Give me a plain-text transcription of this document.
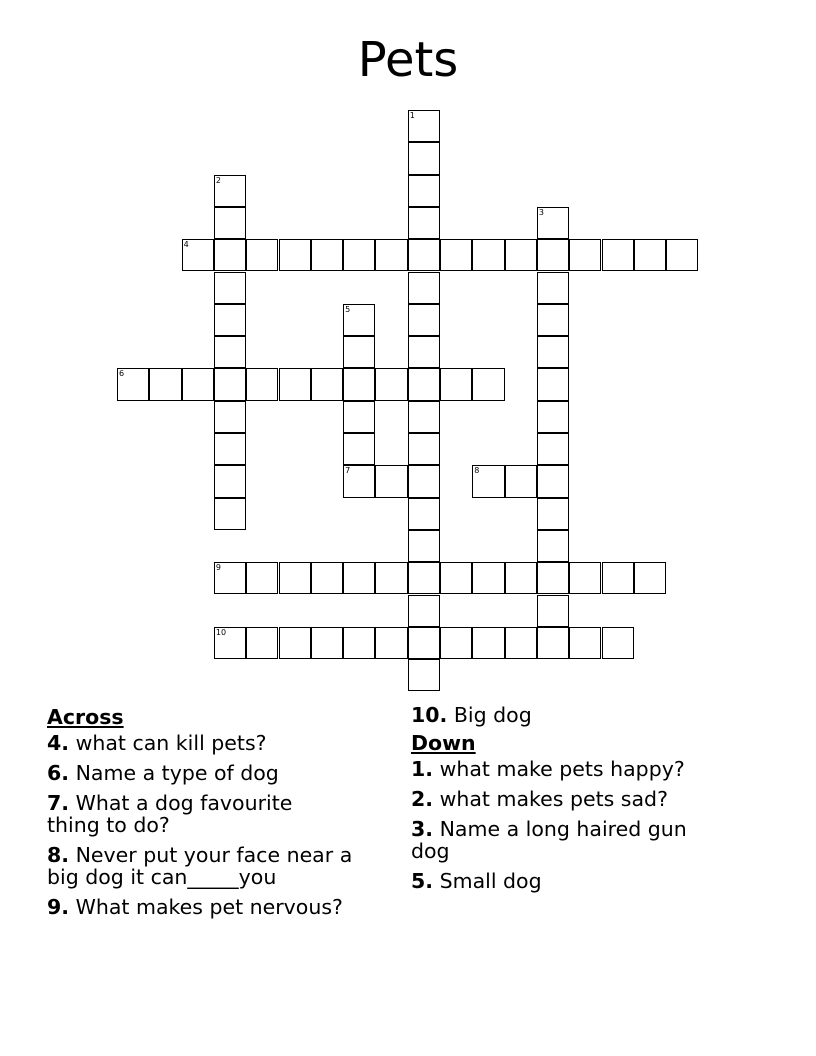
Pets
1
2
3
4
5
7
6
8
9
10
Across
4. what can kill pets?
6. Name a type of dog
7. What a dog favourite thing to do?
8. Never put your face near a big dog it can_____you
9. What makes pet nervous?
10. Big dog
Down
1. what make pets happy?
2. what makes pets sad?
3. Name a long haired gun dog
5. Small dog
